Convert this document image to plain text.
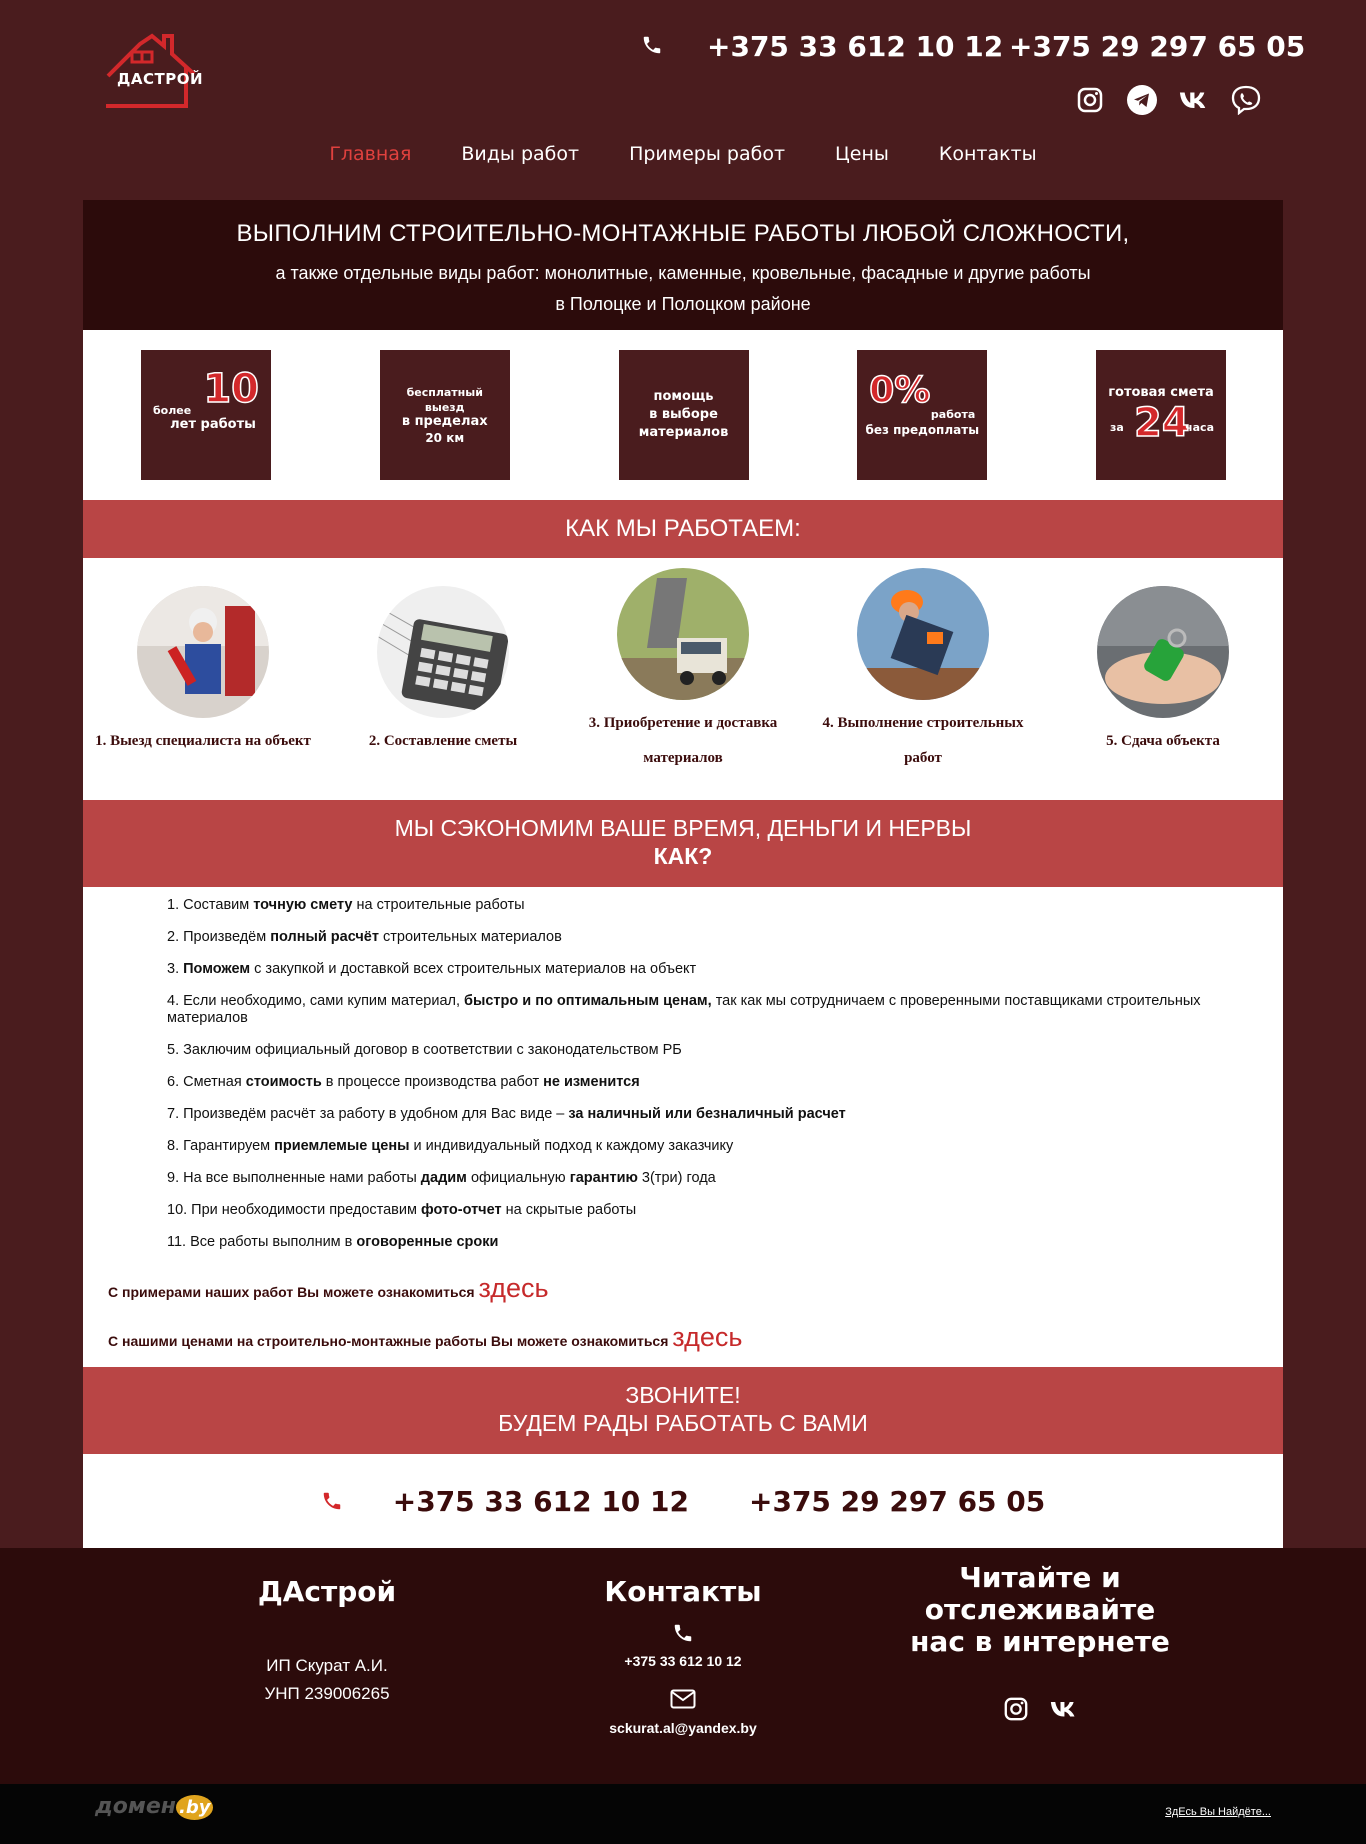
ДАСТРОЙ
+375 33 612 10 12 +375 29 297 65 05
Главная	Виды работ	Примеры работ	Цены	Контакты
ВЫПОЛНИМ СТРОИТЕЛЬНО-МОНТАЖНЫЕ РАБОТЫ ЛЮБОЙ СЛОЖНОСТИ,
а также отдельные виды работ: монолитные, каменные, кровельные, фасадные и другие работы
в Полоцке и Полоцком районе
10
более
лет работы
бесплатный
выезд
в пределах
20 км
помощь
в выборе
материалов
0%
работа
без предоплаты
готовая смета
за 24
часа
КАК МЫ РАБОТАЕМ:
1. Выезд специалиста на объект	2. Составление сметы
3. Приобретение и доставка материалов
4. Выполнение строительных работ
5. Сдача объекта
МЫ СЭКОНОМИМ ВАШЕ ВРЕМЯ, ДЕНЬГИ И НЕРВЫ
КАК?
1. Составим точную смету на строительные работы
2. Произведём полный расчёт строительных материалов
3. Поможем с закупкой и доставкой всех строительных материалов на объект
4. Если необходимо, сами купим материал, быстро и по оптимальным ценам, так как мы сотрудничаем с проверенными поставщиками строительных материалов
5. Заключим официальный договор в соответствии с законодательством РБ
6. Сметная стоимость в процессе производства работ не изменится
7. Произведём расчёт за работу в удобном для Вас виде – за наличный или безналичный расчет
8. Гарантируем приемлемые цены и индивидуальный подход к каждому заказчику
9. На все выполненные нами работы дадим официальную гарантию 3(три) года
10. При необходимости предоставим фото-отчет на скрытые работы
11. Все работы выполним в оговоренные сроки
С примерами наших работ Вы можете ознакомиться здесь
С нашими ценами на строительно-монтажные работы Вы можете ознакомиться здесь
ЗВОНИТЕ!
БУДЕМ РАДЫ РАБОТАТЬ С ВАМИ
+375 33 612 10 12 +375 29 297 65 05
ДАстрой
ИП Скурат А.И.
УНП 239006265
Контакты
+375 33 612 10 12
sckurat.al@yandex.by
Читайте и отслеживайте
нас в интернете
домен .by	ЗдЕсь Вы Найдёте...
